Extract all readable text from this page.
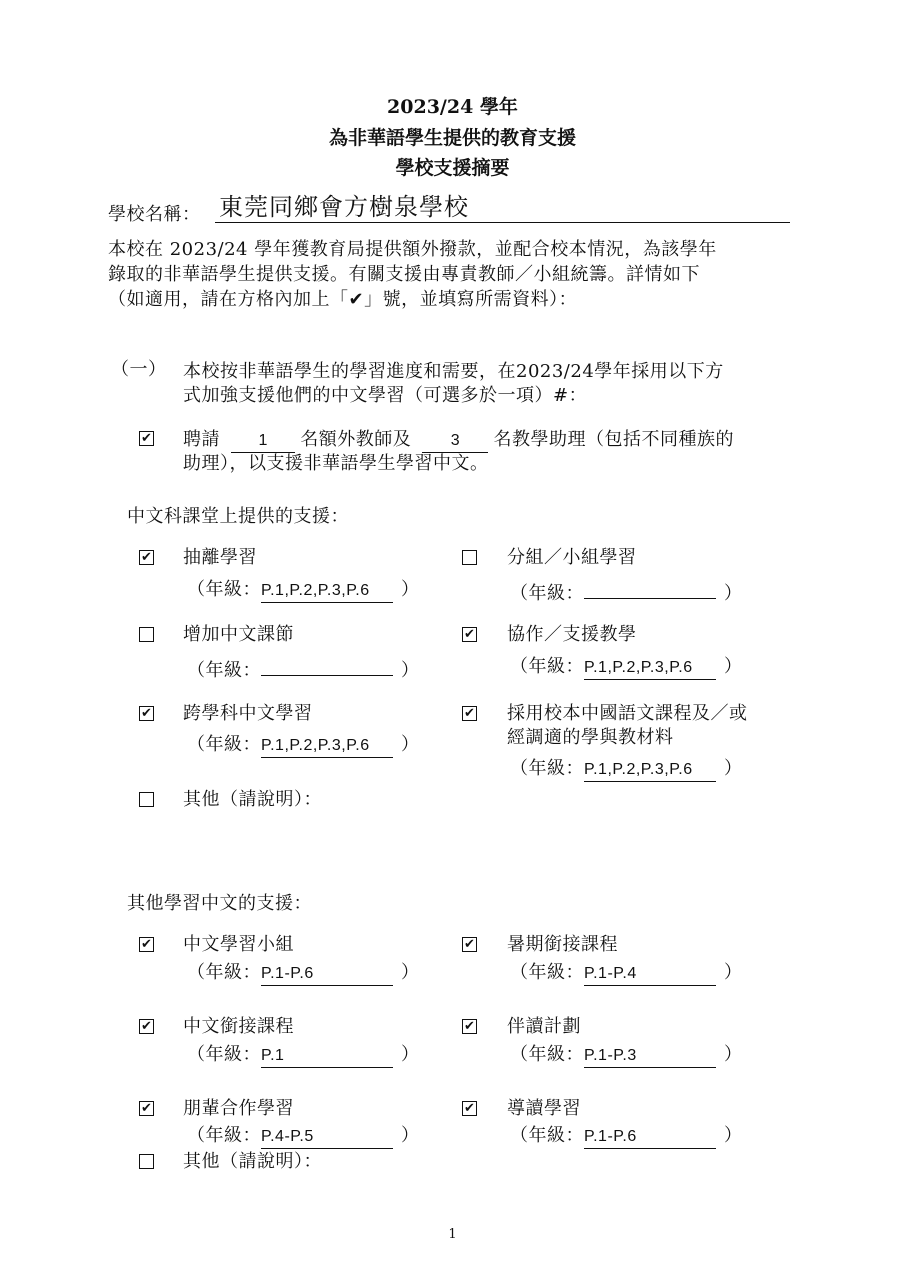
2023/24 學年
為非華語學生提供的教育支援
學校支援摘要
學校名稱： 東莞同鄉會方樹泉學校
本校在 2023/24 學年獲教育局提供額外撥款，並配合校本情況，為該學年
錄取的非華語學生提供支援。有關支援由專責教師／小組統籌。詳情如下
（如適用，請在方格內加上「✔」號，並填寫所需資料）：
（一） 本校按非華語學生的學習進度和需要，在2023/24學年採用以下方
式加強支援他們的中文學習（可選多於一項）#：
✔ 聘請 1 名額外教師及 3 名教學助理（包括不同種族的
助理），以支援非華語學生學習中文。
中文科課堂上提供的支援：
✔ 抽離學習
（年級：P.1,P.2,P.3,P.6 ）
分組／小組學習
（年級：	）
增加中文課節
（年級：	）
✔ 協作／支援教學
（年級：P.1,P.2,P.3,P.6 ）
✔ 跨學科中文學習
（年級：P.1,P.2,P.3,P.6 ）
✔ 採用校本中國語文課程及／或
經調適的學與教材料
（年級：P.1,P.2,P.3,P.6 ）
其他（請說明）：
其他學習中文的支援：
✔ 中文學習小組
（年級：P.1-P.6	）
✔ 暑期銜接課程
（年級：P.1-P.4	）
✔ 中文銜接課程
（年級：P.1	）
✔ 伴讀計劃
（年級：P.1-P.3	）
✔ 朋輩合作學習
（年級：P.4-P.5	）
✔ 導讀學習
（年級：P.1-P.6	）
其他（請說明）：
1
